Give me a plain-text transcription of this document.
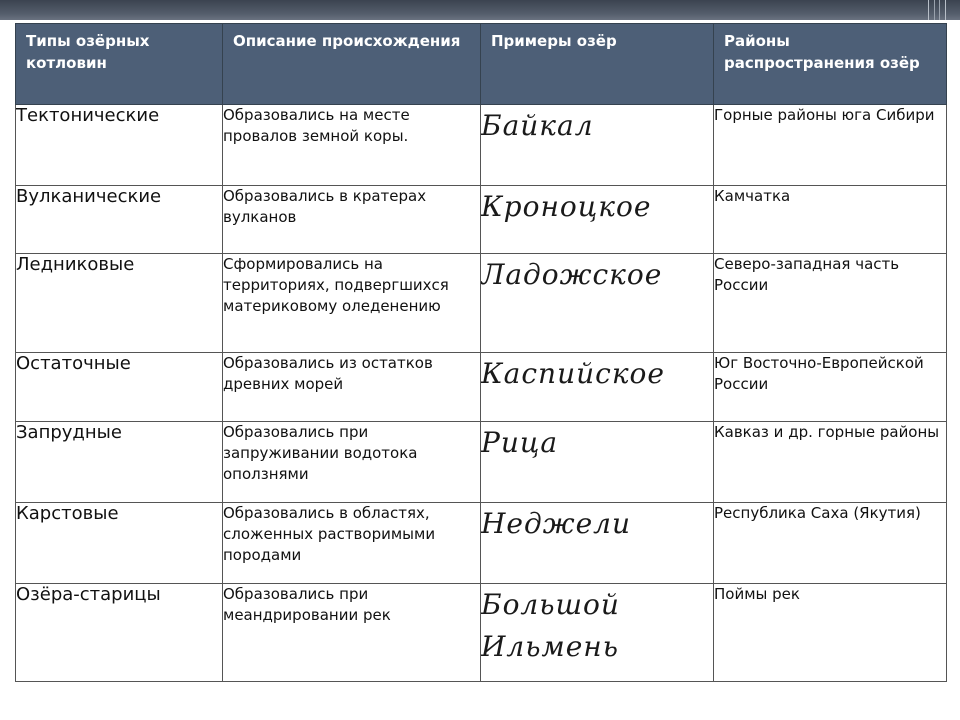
Типы озёрных котловин	Описание происхождения	Примеры озёр	Районы распространения озёр
Тектонические	Образовались на месте провалов земной коры.	Байкал	Горные районы юга Сибири
Вулканические	Образовались в кратерах вулканов	Кроноцкое	Камчатка
Ледниковые	Сформировались на территориях, подвергшихся материковому оледенению	Ладожское	Северо-западная часть России
Остаточные	Образовались из остатков древних морей	Каспийское	Юг Восточно-Европейской России
Запрудные	Образовались при запруживании водотока оползнями	Рица	Кавказ и др. горные районы
Карстовые	Образовались в областях, сложенных растворимыми породами	Неджели	Республика Саха (Якутия)
Озёра-старицы	Образовались при меандрировании рек	Большой Ильмень	Поймы рек
